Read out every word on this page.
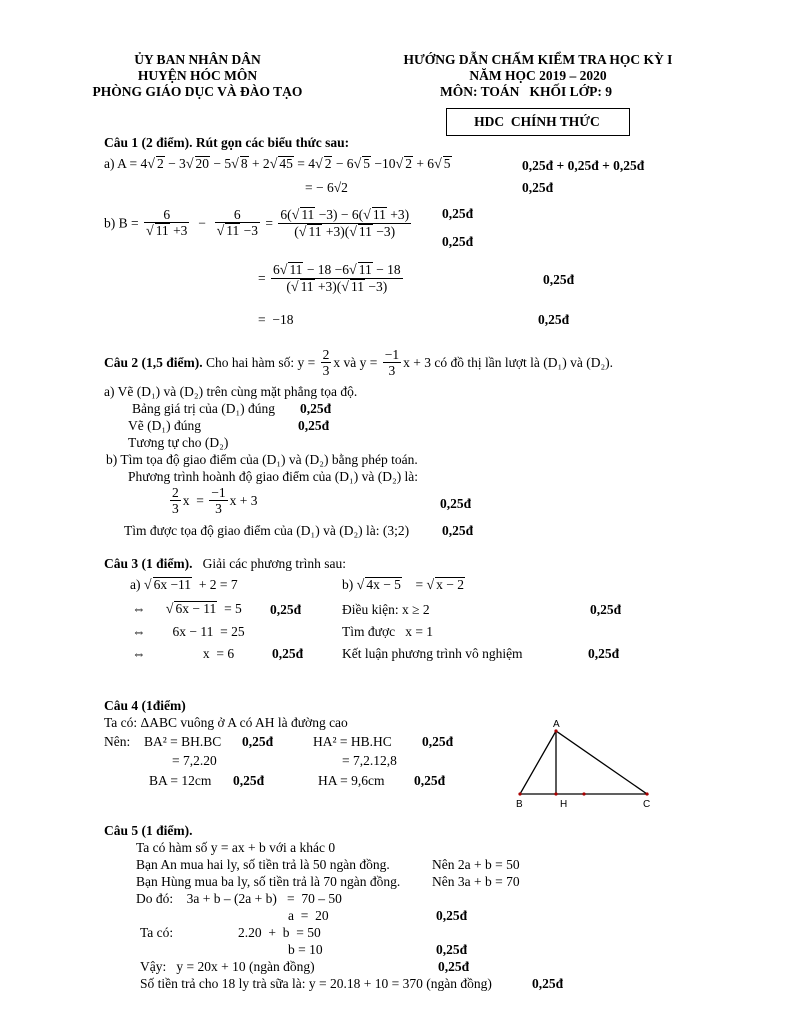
ỦY BAN NHÂN DÂN
HUYỆN HÓC MÔN
PHÒNG GIÁO DỤC VÀ ĐÀO TẠO
HƯỚNG DẪN CHẤM KIỂM TRA HỌC KỲ I
NĂM HỌC 2019 – 2020
MÔN: TOÁN   KHỐI LỚP: 9
HDC  CHÍNH THỨC
Câu 1 (2 điểm). Rút gọn các biểu thức sau:
a) A = 4√ 2 − 3√ 20 − 5√ 8 + 2√ 45 = 4√ 2 − 6√ 5 −10√ 2 + 6√ 5	0,25đ + 0,25đ + 0,25đ
= − 6√2	0,25đ
b) $B = \frac{6}{√ 11 +3} - \frac{6}{√ 11 -3} = \frac{6(√ 11 -3) - 6(√ 11 +3)}{(√ 11 +3)(√ 11 -3)}$ 0,25đ
0,25đ
= $\frac{6√ 11 - 18 -6√ 11 - 18}{(√ 11 +3)(√ 11 -3)}$	0,25đ
=  −18	0,25đ
Câu 2 (1,5 điểm). Cho hai hàm số: $y = \frac{2}{3}$ x và $y = \frac{-1}{3}$ x + 3 có đồ thị lần lượt là (D₁) và (D₂).
a) Vẽ (D₁) và (D₂) trên cùng mặt phẳng tọa độ.
Bảng giá trị của (D₁) đúng 0,25đ
Vẽ (D₁) đúng	0,25đ
Tương tự cho (D₂)
b) Tìm tọa độ giao điểm của (D₁) và (D₂) bằng phép toán.
Phương trình hoành độ giao điểm của (D₁) và (D₂) là:
$\frac{2}{3}$ $x = \frac{-1}{3}$ x + 3	0,25đ
Tìm được tọa độ giao điểm của (D₁) và (D₂) là: (3;2) 0,25đ
Câu 3 (1 điểm). Giải các phương trình sau:
a) √ 6x −11  + 2 = 7	b) √ 4x − 5    = √ x − 2
⇔      √ 6x − 11  = 5 0,25đ	Điều kiện: x ≥ 2	0,25đ
⇔        6x − 11  = 25	Tìm được   x = 1
⇔                 x  = 6	0,25đ	Kết luận phương trình vô nghiệm	0,25đ
Câu 4 (1điểm)
Ta có: ΔABC vuông ở A có AH là đường cao
Nên: BA² = BH.BC 0,25đ	HA² = HB.HC 0,25đ
= 7,2.20	= 7,2.12,8
BA = 12cm 0,25đ	HA = 9,6cm 0,25đ
A
B	H	C
Câu 5 (1 điểm).
Ta có hàm số y = ax + b với a khác 0
Bạn An mua hai ly, số tiền trả là 50 ngàn đồng.	Nên 2a + b = 50
Bạn Hùng mua ba ly, số tiền trả là 70 ngàn đồng. Nên 3a + b = 70
Do đó:    3a + b – (2a + b)   =  70 – 50
a  =  20	0,25đ
Ta có:	2.20  +  b  = 50
b = 10	0,25đ
Vậy:   y = 20x + 10 (ngàn đồng)	0,25đ
Số tiền trả cho 18 ly trà sữa là: y = 20.18 + 10 = 370 (ngàn đồng)	0,25đ
